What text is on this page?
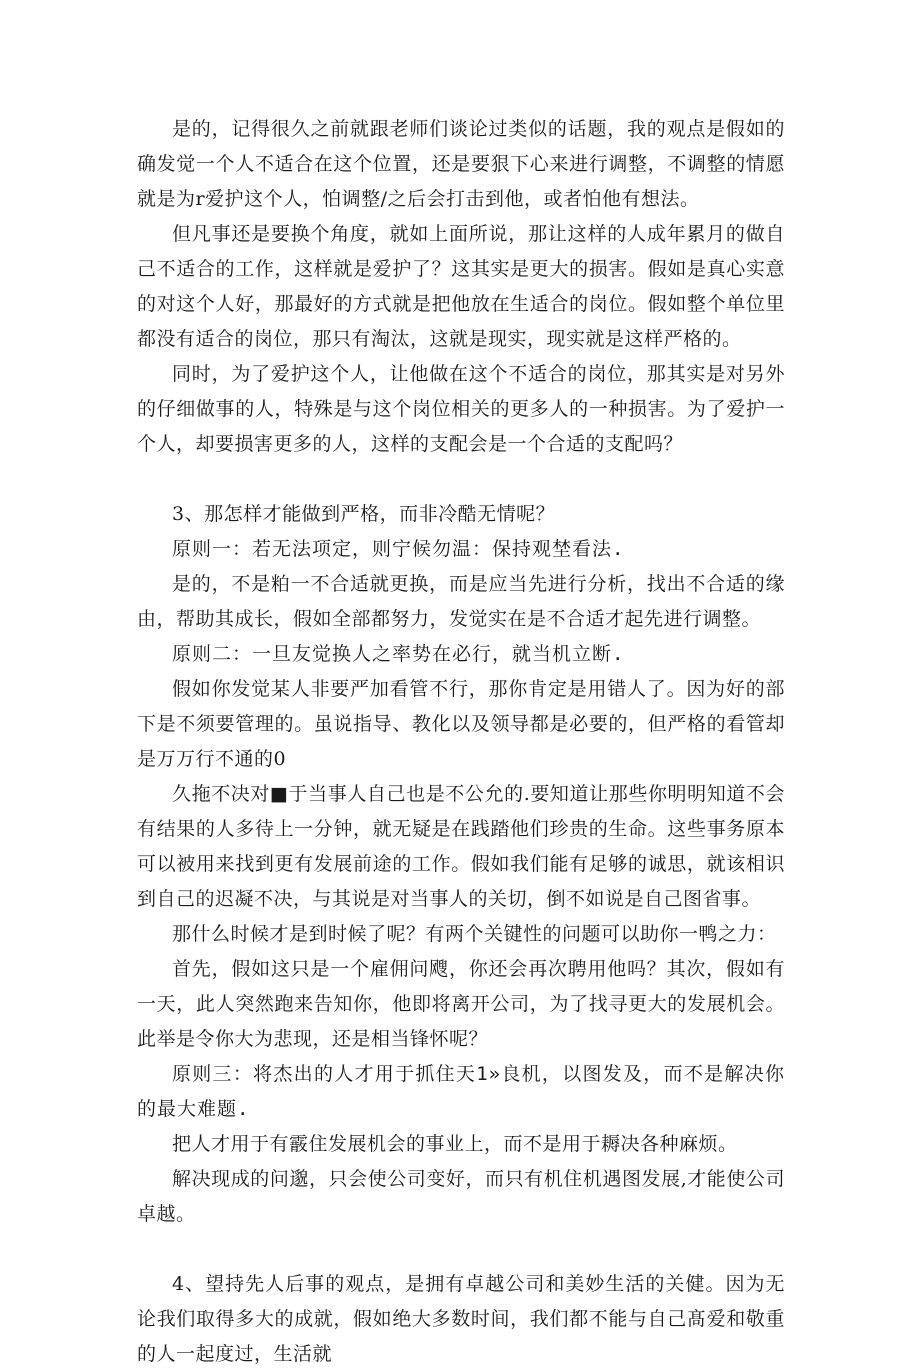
是的，记得很久之前就跟老师们谈论过类似的话题，我的观点是假如的确发觉一个人不适合在这个位置，还是要狠下心来进行调整，不调整的情愿就是为r爱护这个人，怕调整/之后会打击到他，或者怕他有想法。

但凡事还是要换个角度，就如上面所说，那让这样的人成年累月的做自己不适合的工作，这样就是爱护了？这其实是更大的损害。假如是真心实意的对这个人好，那最好的方式就是把他放在生适合的岗位。假如整个单位里都没有适合的岗位，那只有淘汰，这就是现实，现实就是这样严格的。

同时，为了爱护这个人，让他做在这个不适合的岗位，那其实是对另外的仔细做事的人，特殊是与这个岗位相关的更多人的一种损害。为了爱护一个人，却要损害更多的人，这样的支配会是一个合适的支配吗？

3、那怎样才能做到严格，而非冷酷无情呢？

原则一：若无法项定，则宁候勿温：保持观埜看法.

是的，不是粕一不合适就更换，而是应当先进行分析，找出不合适的缘由，帮助其成长，假如全部都努力，发觉实在是不合适才起先进行调整。

原则二：一旦友觉换人之率势在必行，就当机立断.

假如你发觉某人非要严加看管不行，那你肯定是用错人了。因为好的部下是不须要管理的。虽说指导、教化以及领导都是必要的，但严格的看管却是万万行不通的0

久拖不决对■于当事人自己也是不公允的.要知道让那些你明明知道不会有结果的人多待上一分钟，就无疑是在践踏他们珍贵的生命。这些事务原本可以被用来找到更有发展前途的工作。假如我们能有足够的诚思，就该相识到自己的迟凝不决，与其说是对当事人的关切，倒不如说是自己图省事。

那什么时候才是到时候了呢？有两个关键性的问题可以助你一鸭之力：

首先，假如这只是一个雇佣问飕，你还会再次聘用他吗？其次，假如有一天，此人突然跑来告知你，他即将离开公司，为了找寻更大的发展机会。此举是令你大为悲现，还是相当锋怀呢？

原则三：将杰出的人才用于抓住天1»良机，以图发及，而不是解决你的最大难题.

把人才用于有霰住发展机会的事业上，而不是用于耨决各种麻烦。

解决现成的问邈，只会使公司变好，而只有机住机遇图发展,才能使公司卓越。

4、望持先人后事的观点，是拥有卓越公司和美妙生活的关健。因为无论我们取得多大的成就，假如绝大多数时间，我们都不能与自己髙爱和敬重的人一起度过，生活就
